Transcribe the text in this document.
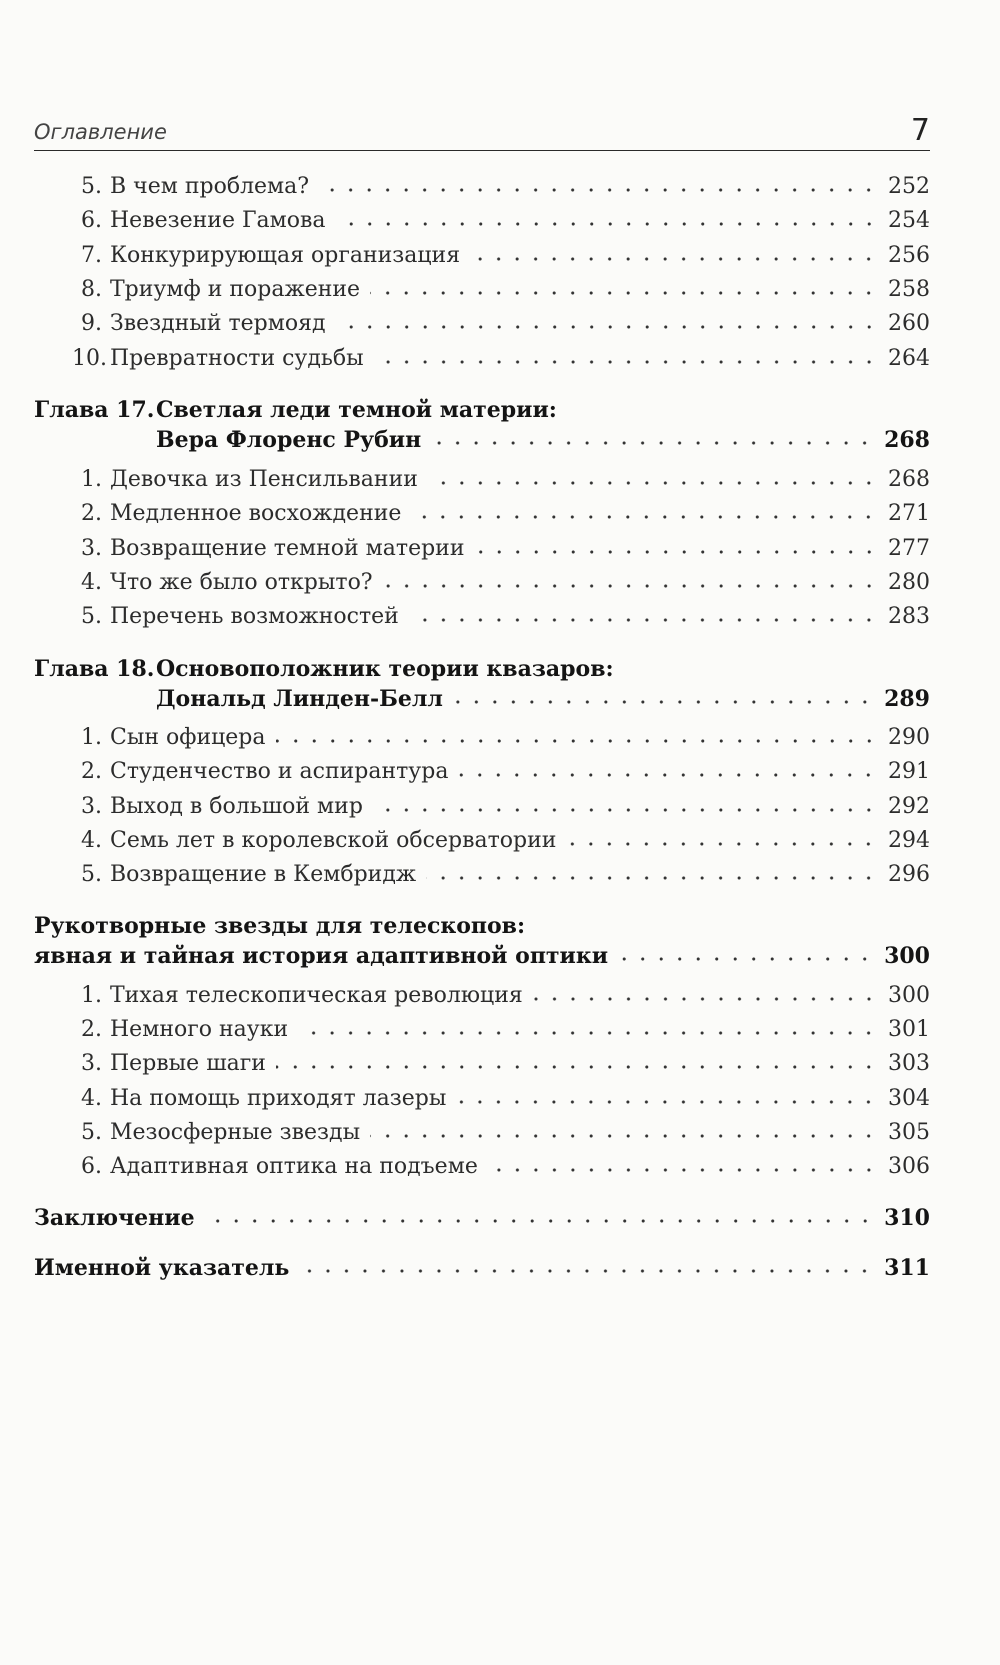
Оглавление	7
5. В чем проблема?	252
6. Невезение Гамова	254
7. Конкурирующая организация	256
8. Триумф и поражение	258
9. Звездный термояд	260
10. Превратности судьбы	264
Глава 17.Светлая леди темной материи:
Вера Флоренс Рубин	268
1. Девочка из Пенсильвании	268
2. Медленное восхождение	271
3. Возвращение темной материи	277
4. Что же было открыто?	280
5. Перечень возможностей	283
Глава 18.Основоположник теории квазаров:
Дональд Линден-Белл	289
1. Сын офицера	290
2. Студенчество и аспирантура	291
3. Выход в большой мир	292
4. Семь лет в королевской обсерватории	294
5. Возвращение в Кембридж	296
Рукотворные звезды для телескопов:
явная и тайная история адаптивной оптики	300
1. Тихая телескопическая революция	300
2. Немного науки	301
3. Первые шаги	303
4. На помощь приходят лазеры	304
5. Мезосферные звезды	305
6. Адаптивная оптика на подъеме	306
Заключение	310
Именной указатель	311
